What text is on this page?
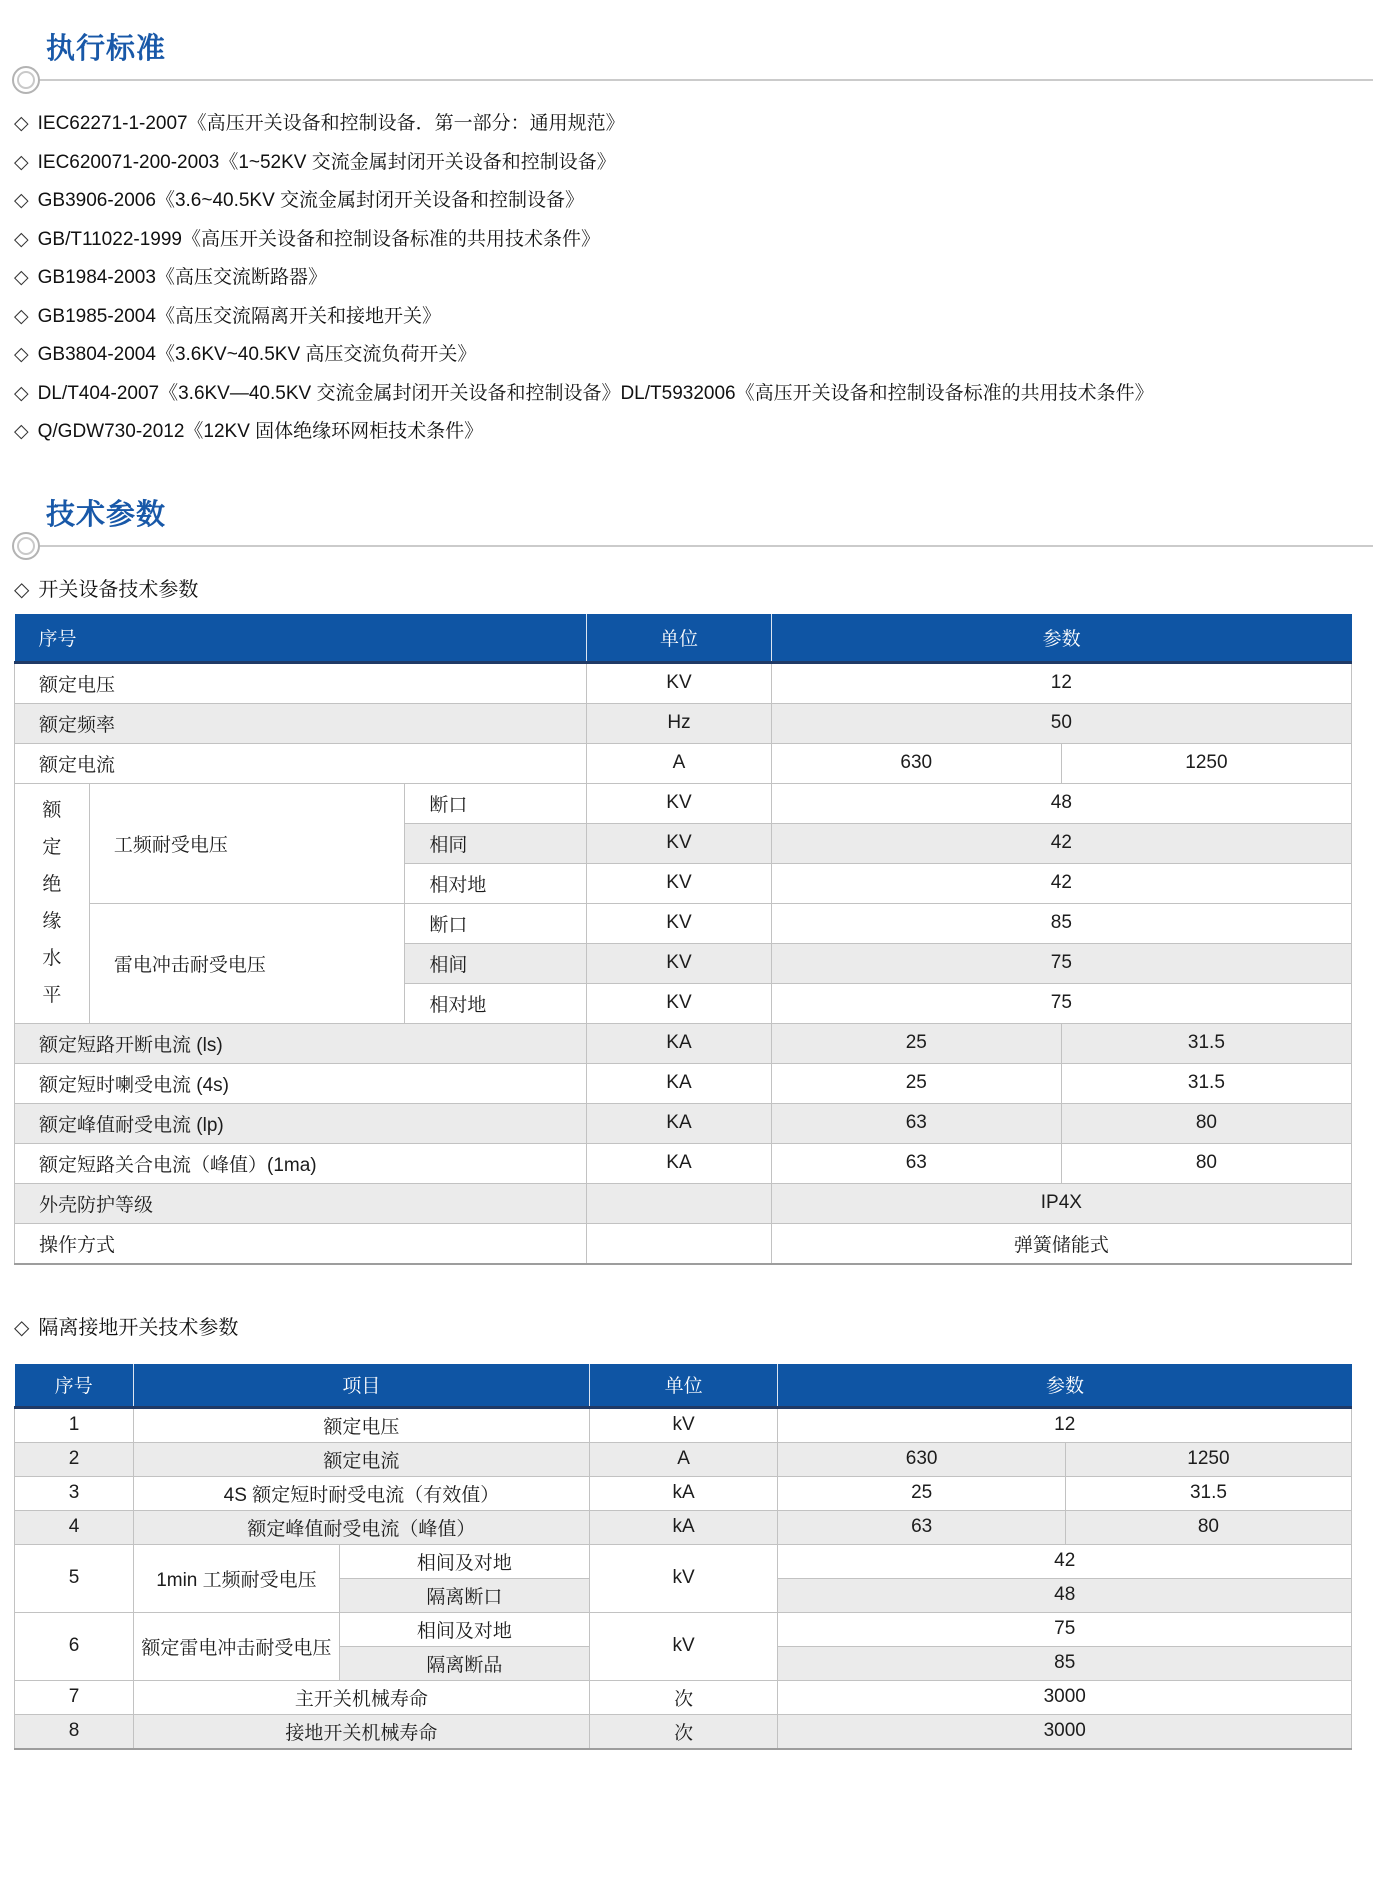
执行标准
◇ IEC62271-1-2007《高压开关设备和控制设备．第一部分：通用规范》
◇ IEC620071-200-2003《1~52KV 交流金属封闭开关设备和控制设备》
◇ GB3906-2006《3.6~40.5KV 交流金属封闭开关设备和控制设备》
◇ GB/T11022-1999《高压开关设备和控制设备标准的共用技术条件》
◇ GB1984-2003《高压交流断路器》
◇ GB1985-2004《高压交流隔离开关和接地开关》
◇ GB3804-2004《3.6KV~40.5KV 高压交流负荷开关》
◇ DL/T404-2007《3.6KV—40.5KV 交流金属封闭开关设备和控制设备》DL/T5932006《高压开关设备和控制设备标准的共用技术条件》
◇ Q/GDW730-2012《12KV 固体绝缘环网柜技术条件》
技术参数
◇ 开关设备技术参数
序号			单位	参数	
额定电压			KV	12	
额定频率			Hz	50	
额定电流			A	630	1250

额定绝缘水平	工频耐受电压	断口	KV	48	
		相同	KV	42	
		相对地	KV	42	
	雷电冲击耐受电压	断口	KV	85	
		相间	KV	75	
		相对地	KV	75	
额定短路开断电流 (ls)			KA	25	31.5
额定短时喇受电流 (4s)			KA	25	31.5
额定峰值耐受电流 (lp)			KA	63	80
额定短路关合电流（峰值）(1ma)			KA	63	80
外壳防护等级				IP4X	
操作方式				弹簧储能式	
◇ 隔离接地开关技术参数
序号	项目		单位	参数	
1	额定电压		kV	12	
2	额定电流		A	630	1250
3	4S 额定短时耐受电流（有效值）		kA	25	31.5
4	额定峰值耐受电流（峰值）		kA	63	80
5	1min 工频耐受电压	相间及对地	kV	42	
		隔离断口		48	
6	额定雷电冲击耐受电压	相间及对地	kV	75	
		隔离断品		85	
7	主开关机械寿命		次	3000	
8	接地开关机械寿命		次	3000	
